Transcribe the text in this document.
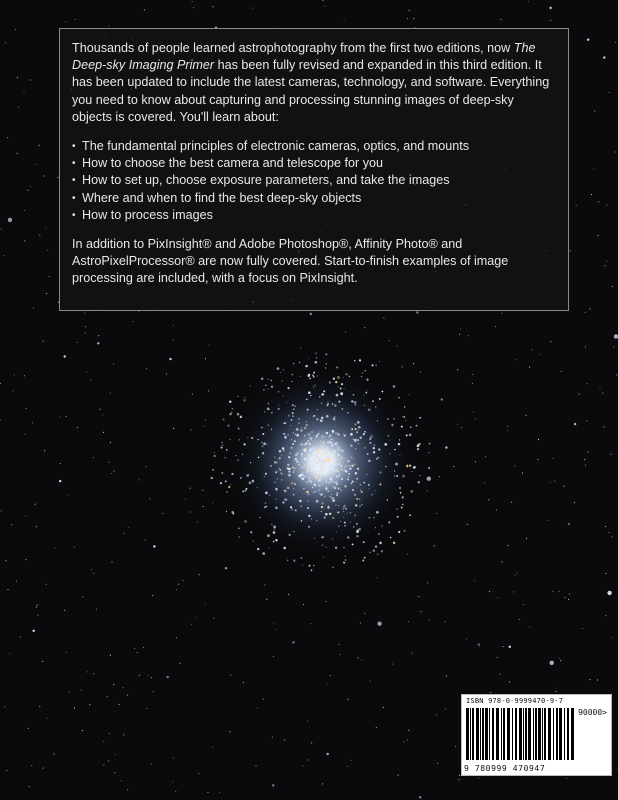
Thousands of people learned astrophotography from the first two editions, now The Deep-sky Imaging Primer has been fully revised and expanded in this third edition. It has been updated to include the latest cameras, technology, and software. Everything you need to know about capturing and processing stunning images of deep-sky objects is covered. You'll learn about:

• The fundamental principles of electronic cameras, optics, and mounts
• How to choose the best camera and telescope for you
• How to set up, choose exposure parameters, and take the images
• Where and when to find the best deep-sky objects
• How to process images

In addition to PixInsight® and Adobe Photoshop®, Affinity Photo® and AstroPixelProcessor® are now fully covered. Start-to-finish examples of image processing are included, with a focus on PixInsight.

ISBN 978-0-9999470-9-7
90000>
9 780999 470947
